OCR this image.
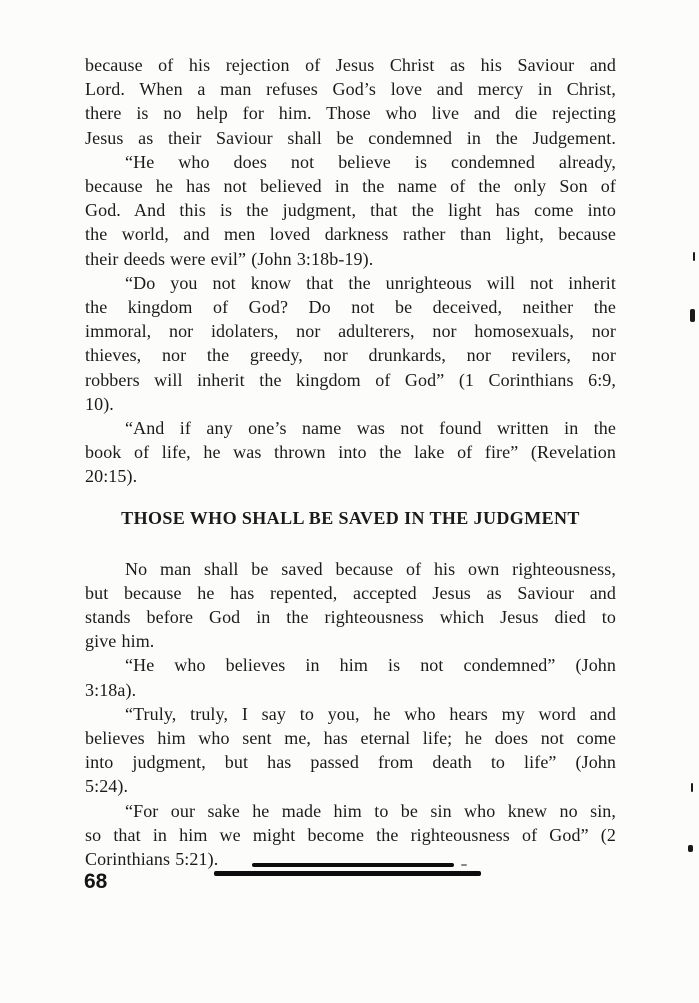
because of his rejection of Jesus Christ as his Saviour and
Lord. When a man refuses God’s love and mercy in Christ,
there is no help for him. Those who live and die rejecting
Jesus as their Saviour shall be condemned in the Judgement.
“He who does not believe is condemned already,
because he has not believed in the name of the only Son of
God. And this is the judgment, that the light has come into
the world, and men loved darkness rather than light, because
their deeds were evil” (John 3:18b-19).
“Do you not know that the unrighteous will not inherit
the kingdom of God? Do not be deceived, neither the
immoral, nor idolaters, nor adulterers, nor homosexuals, nor
thieves, nor the greedy, nor drunkards, nor revilers, nor
robbers will inherit the kingdom of God” (1 Corinthians 6:9,
10).
“And if any one’s name was not found written in the
book of life, he was thrown into the lake of fire” (Revelation
20:15).
THOSE WHO SHALL BE SAVED IN THE JUDGMENT
No man shall be saved because of his own righteousness,
but because he has repented, accepted Jesus as Saviour and
stands before God in the righteousness which Jesus died to
give him.
“He who believes in him is not condemned” (John
3:18a).
“Truly, truly, I say to you, he who hears my word and
believes him who sent me, has eternal life; he does not come
into judgment, but has passed from death to life” (John
5:24).
“For our sake he made him to be sin who knew no sin,
so that in him we might become the righteousness of God” (2
Corinthians 5:21).
68
